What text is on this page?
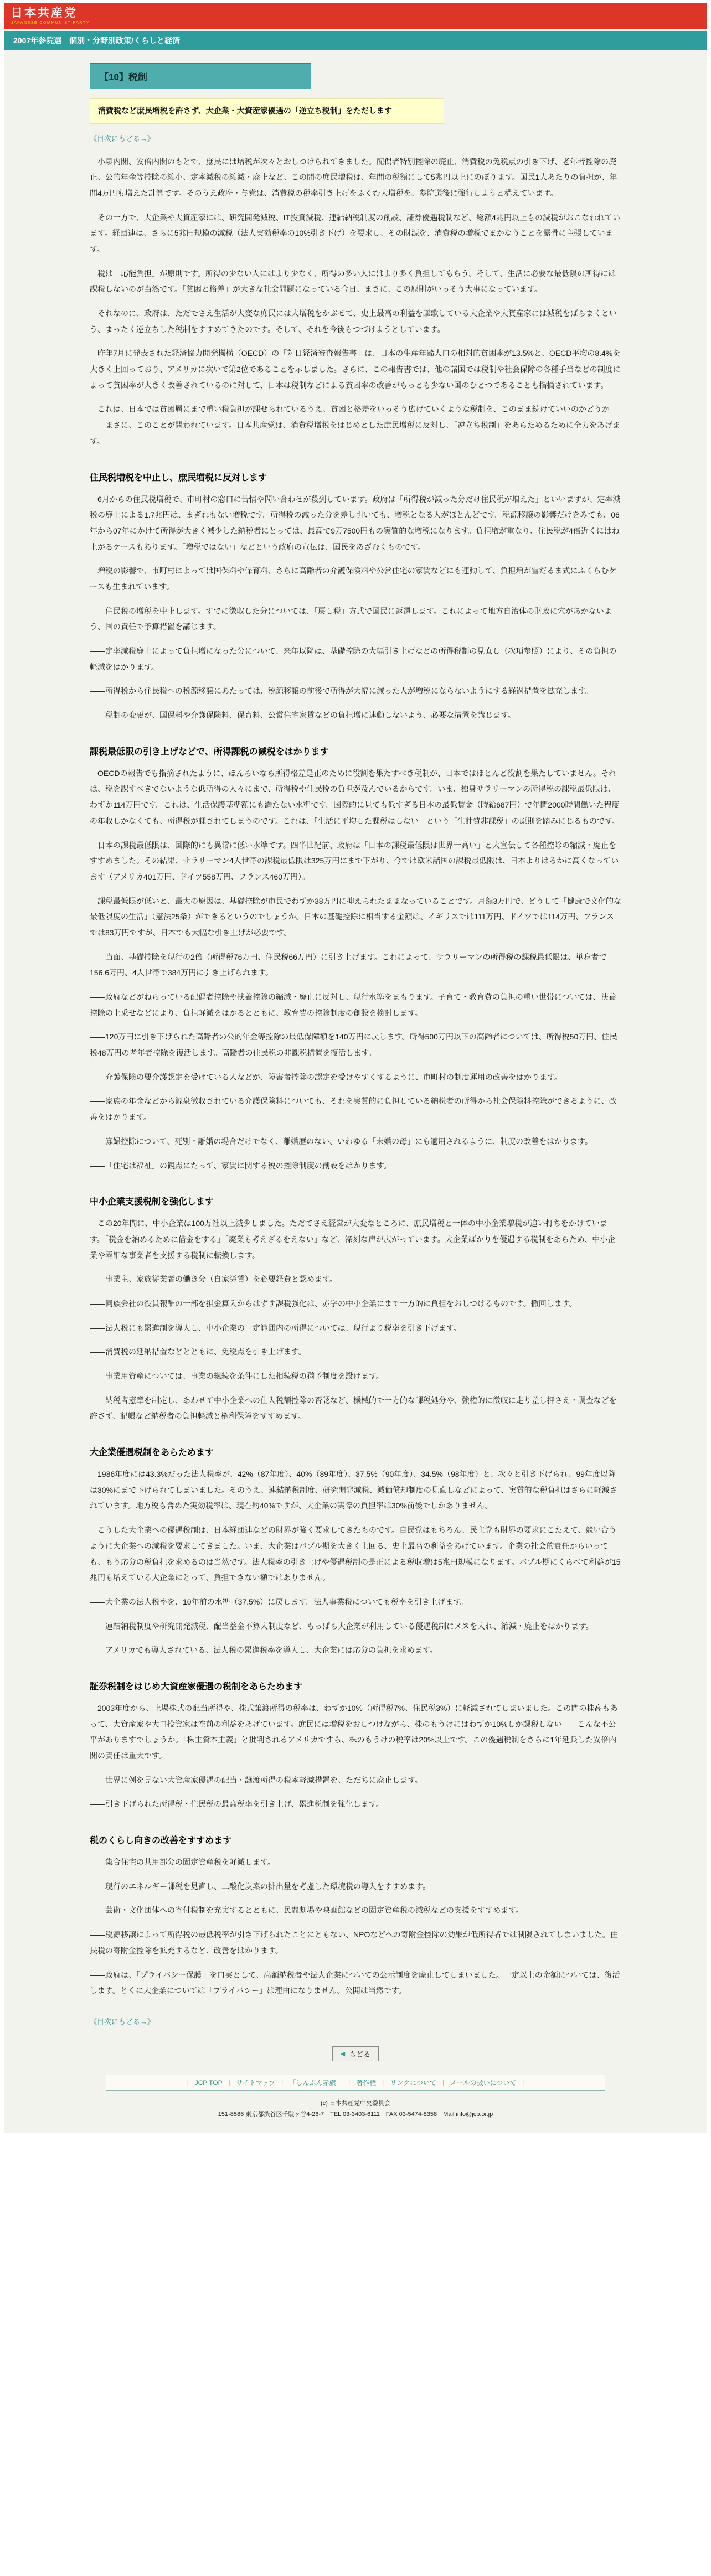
日本共産党
JAPANESE COMMUNIST PARTY
2007年参院選　個別・分野別政策/くらしと経済
【10】税制
消費税など庶民増税を許さず、大企業・大資産家優遇の「逆立ち税制」をただします
《目次にもどる→》

小泉内閣、安倍内閣のもとで、庶民には増税が次々とおしつけられてきました。配偶者特別控除の廃止、消費税の免税点の引き下げ、老年者控除の廃止、公的年金等控除の縮小、定率減税の縮減・廃止など、この間の庶民増税は、年間の税額にして5兆円以上にのぼります。国民1人あたりの負担が、年間4万円も増えた計算です。そのうえ政府・与党は、消費税の税率引き上げをふくむ大増税を、参院選後に強行しようと構えています。

その一方で、大企業や大資産家には、研究開発減税、IT投資減税、連結納税制度の創設、証券優遇税制など、総額4兆円以上もの減税がおこなわれています。経団連は、さらに5兆円規模の減税（法人実効税率の10%引き下げ）を要求し、その財源を、消費税の増税でまかなうことを露骨に主張しています。

税は「応能負担」が原則です。所得の少ない人にはより少なく、所得の多い人にはより多く負担してもらう。そして、生活に必要な最低限の所得には課税しないのが当然です。「貧困と格差」が大きな社会問題になっている今日、まさに、この原則がいっそう大事になっています。

それなのに、政府は、ただでさえ生活が大変な庶民には大増税をかぶせて、史上最高の利益を謳歌している大企業や大資産家には減税をばらまくという、まったく逆立ちした税制をすすめてきたのです。そして、それを今後もつづけようとしています。

昨年7月に発表された経済協力開発機構（OECD）の「対日経済審査報告書」は、日本の生産年齢人口の相対的貧困率が13.5%と、OECD平均の8.4%を大きく上回っており、アメリカに次いで第2位であることを示しました。さらに、この報告書では、他の諸国では税制や社会保障の各種手当などの制度によって貧困率が大きく改善されているのに対して、日本は税制などによる貧困率の改善がもっとも少ない国のひとつであることも指摘されています。

これは、日本では貧困層にまで重い税負担が課せられているうえ、貧困と格差をいっそう広げていくような税制を、このまま続けていいのかどうか――まさに、このことが問われています。日本共産党は、消費税増税をはじめとした庶民増税に反対し、「逆立ち税制」をあらためるために全力をあげます。

住民税増税を中止し、庶民増税に反対します

6月からの住民税増税で、市町村の窓口に苦情や問い合わせが殺到しています。政府は「所得税が減った分だけ住民税が増えた」といいますが、定率減税の廃止による1.7兆円は、まぎれもない増税です。所得税の減った分を差し引いても、増税となる人がほとんどです。税源移譲の影響だけをみても、06年から07年にかけて所得が大きく減少した納税者にとっては、最高で9万7500円もの実質的な増税になります。負担増が重なり、住民税が4倍近くにはね上がるケースもあります。「増税ではない」などという政府の宣伝は、国民をあざむくものです。

増税の影響で、市町村によっては国保料や保育料、さらに高齢者の介護保険料や公営住宅の家賃などにも連動して、負担増が雪だるま式にふくらむケースも生まれています。

――住民税の増税を中止します。すでに徴収した分については、「戻し税」方式で国民に返還します。これによって地方自治体の財政に穴があかないよう、国の責任で予算措置を講じます。

――定率減税廃止によって負担増になった分について、来年以降は、基礎控除の大幅引き上げなどの所得税制の見直し（次項参照）により、その負担の軽減をはかります。

――所得税から住民税への税源移譲にあたっては、税源移譲の前後で所得が大幅に減った人が増税にならないようにする経過措置を拡充します。

――税制の変更が、国保料や介護保険料、保育料、公営住宅家賃などの負担増に連動しないよう、必要な措置を講じます。

課税最低限の引き上げなどで、所得課税の減税をはかります

OECDの報告でも指摘されたように、ほんらいなら所得格差是正のために役割を果たすべき税制が、日本ではほとんど役割を果たしていません。それは、税を課すべきでないような低所得の人々にまで、所得税や住民税の負担が及んでいるからです。いま、独身サラリーマンの所得税の課税最低限は、わずか114万円です。これは、生活保護基準額にも満たない水準です。国際的に見ても低すぎる日本の最低賃金（時給687円）で年間2000時間働いた程度の年収しかなくても、所得税が課されてしまうのです。これは、「生活に平均した課税はしない」という「生計費非課税」の原則を踏みにじるものです。

日本の課税最低限は、国際的にも異常に低い水準です。四半世紀前、政府は「日本の課税最低限は世界一高い」と大宣伝して各種控除の縮減・廃止をすすめました。その結果、サラリーマン4人世帯の課税最低限は325万円にまで下がり、今では欧米諸国の課税最低限は、日本よりはるかに高くなっています（アメリカ401万円、ドイツ558万円、フランス460万円）。

課税最低限が低いと、最大の原因は、基礎控除が市民でわずか38万円に抑えられたままなっていることです。月額3万円で、どうして「健康で文化的な最低限度の生活」（憲法25条）ができるというのでしょうか。日本の基礎控除に相当する金額は、イギリスでは111万円、ドイツでは114万円、フランスでは83万円ですが、日本でも大幅な引き上げが必要です。

――当面、基礎控除を現行の2倍（所得税76万円、住民税66万円）に引き上げます。これによって、サラリーマンの所得税の課税最低限は、単身者で156.6万円、4人世帯で384万円に引き上げられます。

――政府などがねらっている配偶者控除や扶養控除の縮減・廃止に反対し、現行水準をまもります。子育て・教育費の負担の重い世帯については、扶養控除の上乗せなどにより、負担軽減をはかるとともに、教育費の控除制度の創設を検討します。

――120万円に引き下げられた高齢者の公的年金等控除の最低保障額を140万円に戻します。所得500万円以下の高齢者については、所得税50万円、住民税48万円の老年者控除を復活します。高齢者の住民税の非課税措置を復活します。

――介護保険の要介護認定を受けている人などが、障害者控除の認定を受けやすくするように、市町村の制度運用の改善をはかります。

――家族の年金などから源泉徴収されている介護保険料についても、それを実質的に負担している納税者の所得から社会保険料控除ができるように、改善をはかります。

――寡婦控除について、死別・離婚の場合だけでなく、離婚歴のない、いわゆる「未婚の母」にも適用されるように、制度の改善をはかります。

――「住宅は福祉」の観点にたって、家賃に関する税の控除制度の創設をはかります。

中小企業支援税制を強化します

この20年間に、中小企業は100万社以上減少しました。ただでさえ経営が大変なところに、庶民増税と一体の中小企業増税が追い打ちをかけています。「税金を納めるために借金をする」「廃業も考えざるをえない」など、深刻な声が広がっています。大企業ばかりを優遇する税制をあらため、中小企業や零細な事業者を支援する税制に転換します。

――事業主、家族従業者の働き分（自家労賃）を必要経費と認めます。

――同族会社の役員報酬の一部を損金算入からはずす課税強化は、赤字の中小企業にまで一方的に負担をおしつけるものです。撤回します。

――法人税にも累進制を導入し、中小企業の一定範囲内の所得については、現行より税率を引き下げます。

――消費税の延納措置などとともに、免税点を引き上げます。

――事業用資産については、事業の継続を条件にした相続税の猶予制度を設けます。

――納税者憲章を制定し、あわせて中小企業への仕入税額控除の否認など、機械的で一方的な課税処分や、強権的に徴収に走り差し押さえ・調査などを許さず、記帳など納税者の負担軽減と権利保障をすすめます。

大企業優遇税制をあらためます

1986年度には43.3%だった法人税率が、42%（87年度）、40%（89年度）、37.5%（90年度）、34.5%（98年度）と、次々と引き下げられ、99年度以降は30%にまで下げられてしまいました。そのうえ、連結納税制度、研究開発減税、減価償却制度の見直しなどによって、実質的な税負担はさらに軽減されています。地方税も含めた実効税率は、現在約40%ですが、大企業の実際の負担率は30%前後でしかありません。

こうした大企業への優遇税制は、日本経団連などの財界が強く要求してきたものです。自民党はもちろん、民主党も財界の要求にこたえて、競い合うように大企業への減税を要求してきました。いま、大企業はバブル期を大きく上回る、史上最高の利益をあげています。企業の社会的責任からいっても、もう応分の税負担を求めるのは当然です。法人税率の引き上げや優遇税制の是正による税収増は5兆円規模になります。バブル期にくらべて利益が15兆円も増えている大企業にとって、負担できない額ではありません。

――大企業の法人税率を、10年前の水準（37.5%）に戻します。法人事業税についても税率を引き上げます。

――連結納税制度や研究開発減税、配当益金不算入制度など、もっぱら大企業が利用している優遇税制にメスを入れ、縮減・廃止をはかります。

――アメリカでも導入されている、法人税の累進税率を導入し、大企業には応分の負担を求めます。

証券税制をはじめ大資産家優遇の税制をあらためます

2003年度から、上場株式の配当所得や、株式譲渡所得の税率は、わずか10%（所得税7%、住民税3%）に軽減されてしまいました。この間の株高もあって、大資産家や大口投資家は空前の利益をあげています。庶民には増税をおしつけながら、株のもうけにはわずか10%しか課税しない――こんな不公平がありますでしょうか。「株主資本主義」と批判されるアメリカですら、株のもうけの税率は20%以上です。この優遇税制をさらに1年延長した安倍内閣の責任は重大です。

――世界に例を見ない大資産家優遇の配当・譲渡所得の税率軽減措置を、ただちに廃止します。

――引き下げられた所得税・住民税の最高税率を引き上げ、累進税制を強化します。

税のくらし向きの改善をすすめます

――集合住宅の共用部分の固定資産税を軽減します。

――現行のエネルギー課税を見直し、二酸化炭素の排出量を考慮した環境税の導入をすすめます。

――芸術・文化団体への寄付税制を充実するとともに、民間劇場や映画館などの固定資産税の減税などの支援をすすめます。

――税源移譲によって所得税の最低税率が引き下げられたことにともない、NPOなどへの寄附金控除の効果が低所得者では制限されてしまいました。住民税の寄附金控除を拡充するなど、改善をはかります。

――政府は、「プライバシー保護」を口実として、高額納税者や法人企業についての公示制度を廃止してしまいました。一定以上の金額については、復活します。とくに大企業については「プライバシー」は理由になりません。公開は当然です。

《目次にもどる→》
◀ もどる
｜ JCP TOP ｜ サイトマップ ｜ 「しんぶん赤旗」 ｜ 著作権 ｜ リンクについて ｜ メールの扱いについて ｜
(c) 日本共産党中央委員会
151-8586 東京都渋谷区千駄ヶ谷4-26-7　TEL 03-3403-6111　FAX 03-5474-8358　Mail info@jcp.or.jp
